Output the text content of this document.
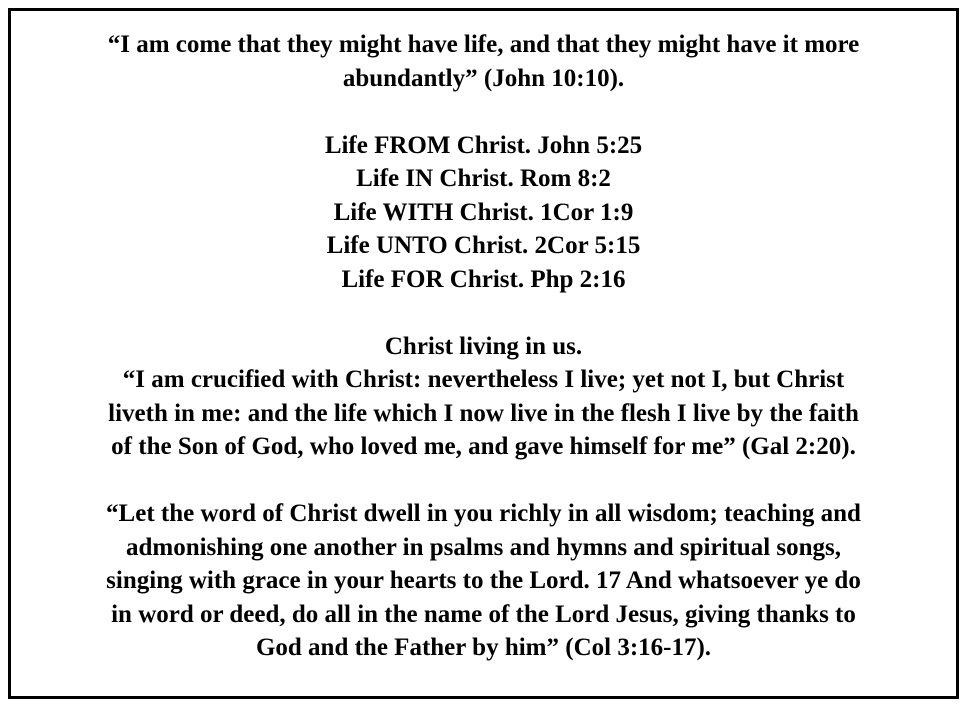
“I am come that they might have life, and that they might have it more
abundantly” (John 10:10).
Life FROM Christ. John 5:25
Life IN Christ. Rom 8:2
Life WITH Christ. 1Cor 1:9
Life UNTO Christ. 2Cor 5:15
Life FOR Christ. Php 2:16
Christ living in us.
“I am crucified with Christ: nevertheless I live; yet not I, but Christ
liveth in me: and the life which I now live in the flesh I live by the faith
of the Son of God, who loved me, and gave himself for me” (Gal 2:20).
“Let the word of Christ dwell in you richly in all wisdom; teaching and
admonishing one another in psalms and hymns and spiritual songs,
singing with grace in your hearts to the Lord. 17 And whatsoever ye do
in word or deed, do all in the name of the Lord Jesus, giving thanks to
God and the Father by him” (Col 3:16-17).
